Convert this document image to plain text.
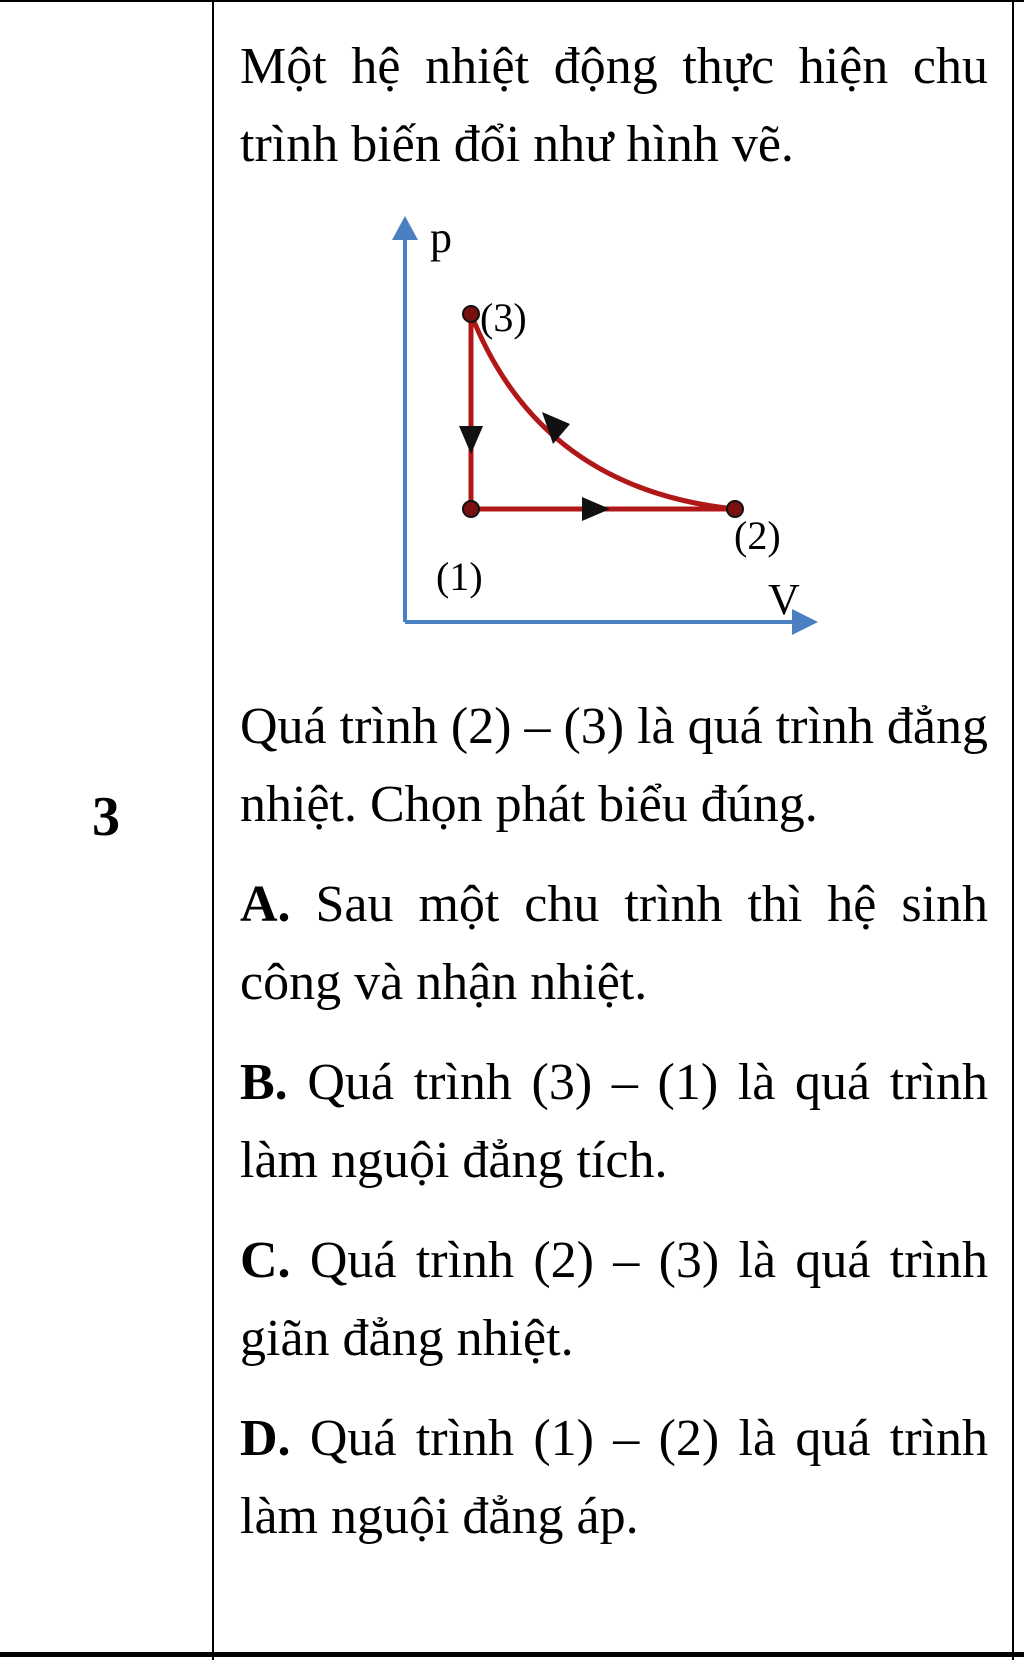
3

Một hệ nhiệt động thực hiện chu trình biến đổi như hình vẽ.

p
V
(3)
(2)
(1)

Quá trình (2) – (3) là quá trình đẳng nhiệt. Chọn phát biểu đúng.

A. Sau một chu trình thì hệ sinh công và nhận nhiệt.

B. Quá trình (3) – (1) là quá trình làm nguội đẳng tích.

C. Quá trình (2) – (3) là quá trình giãn đẳng nhiệt.

D. Quá trình (1) – (2) là quá trình làm nguội đẳng áp.
